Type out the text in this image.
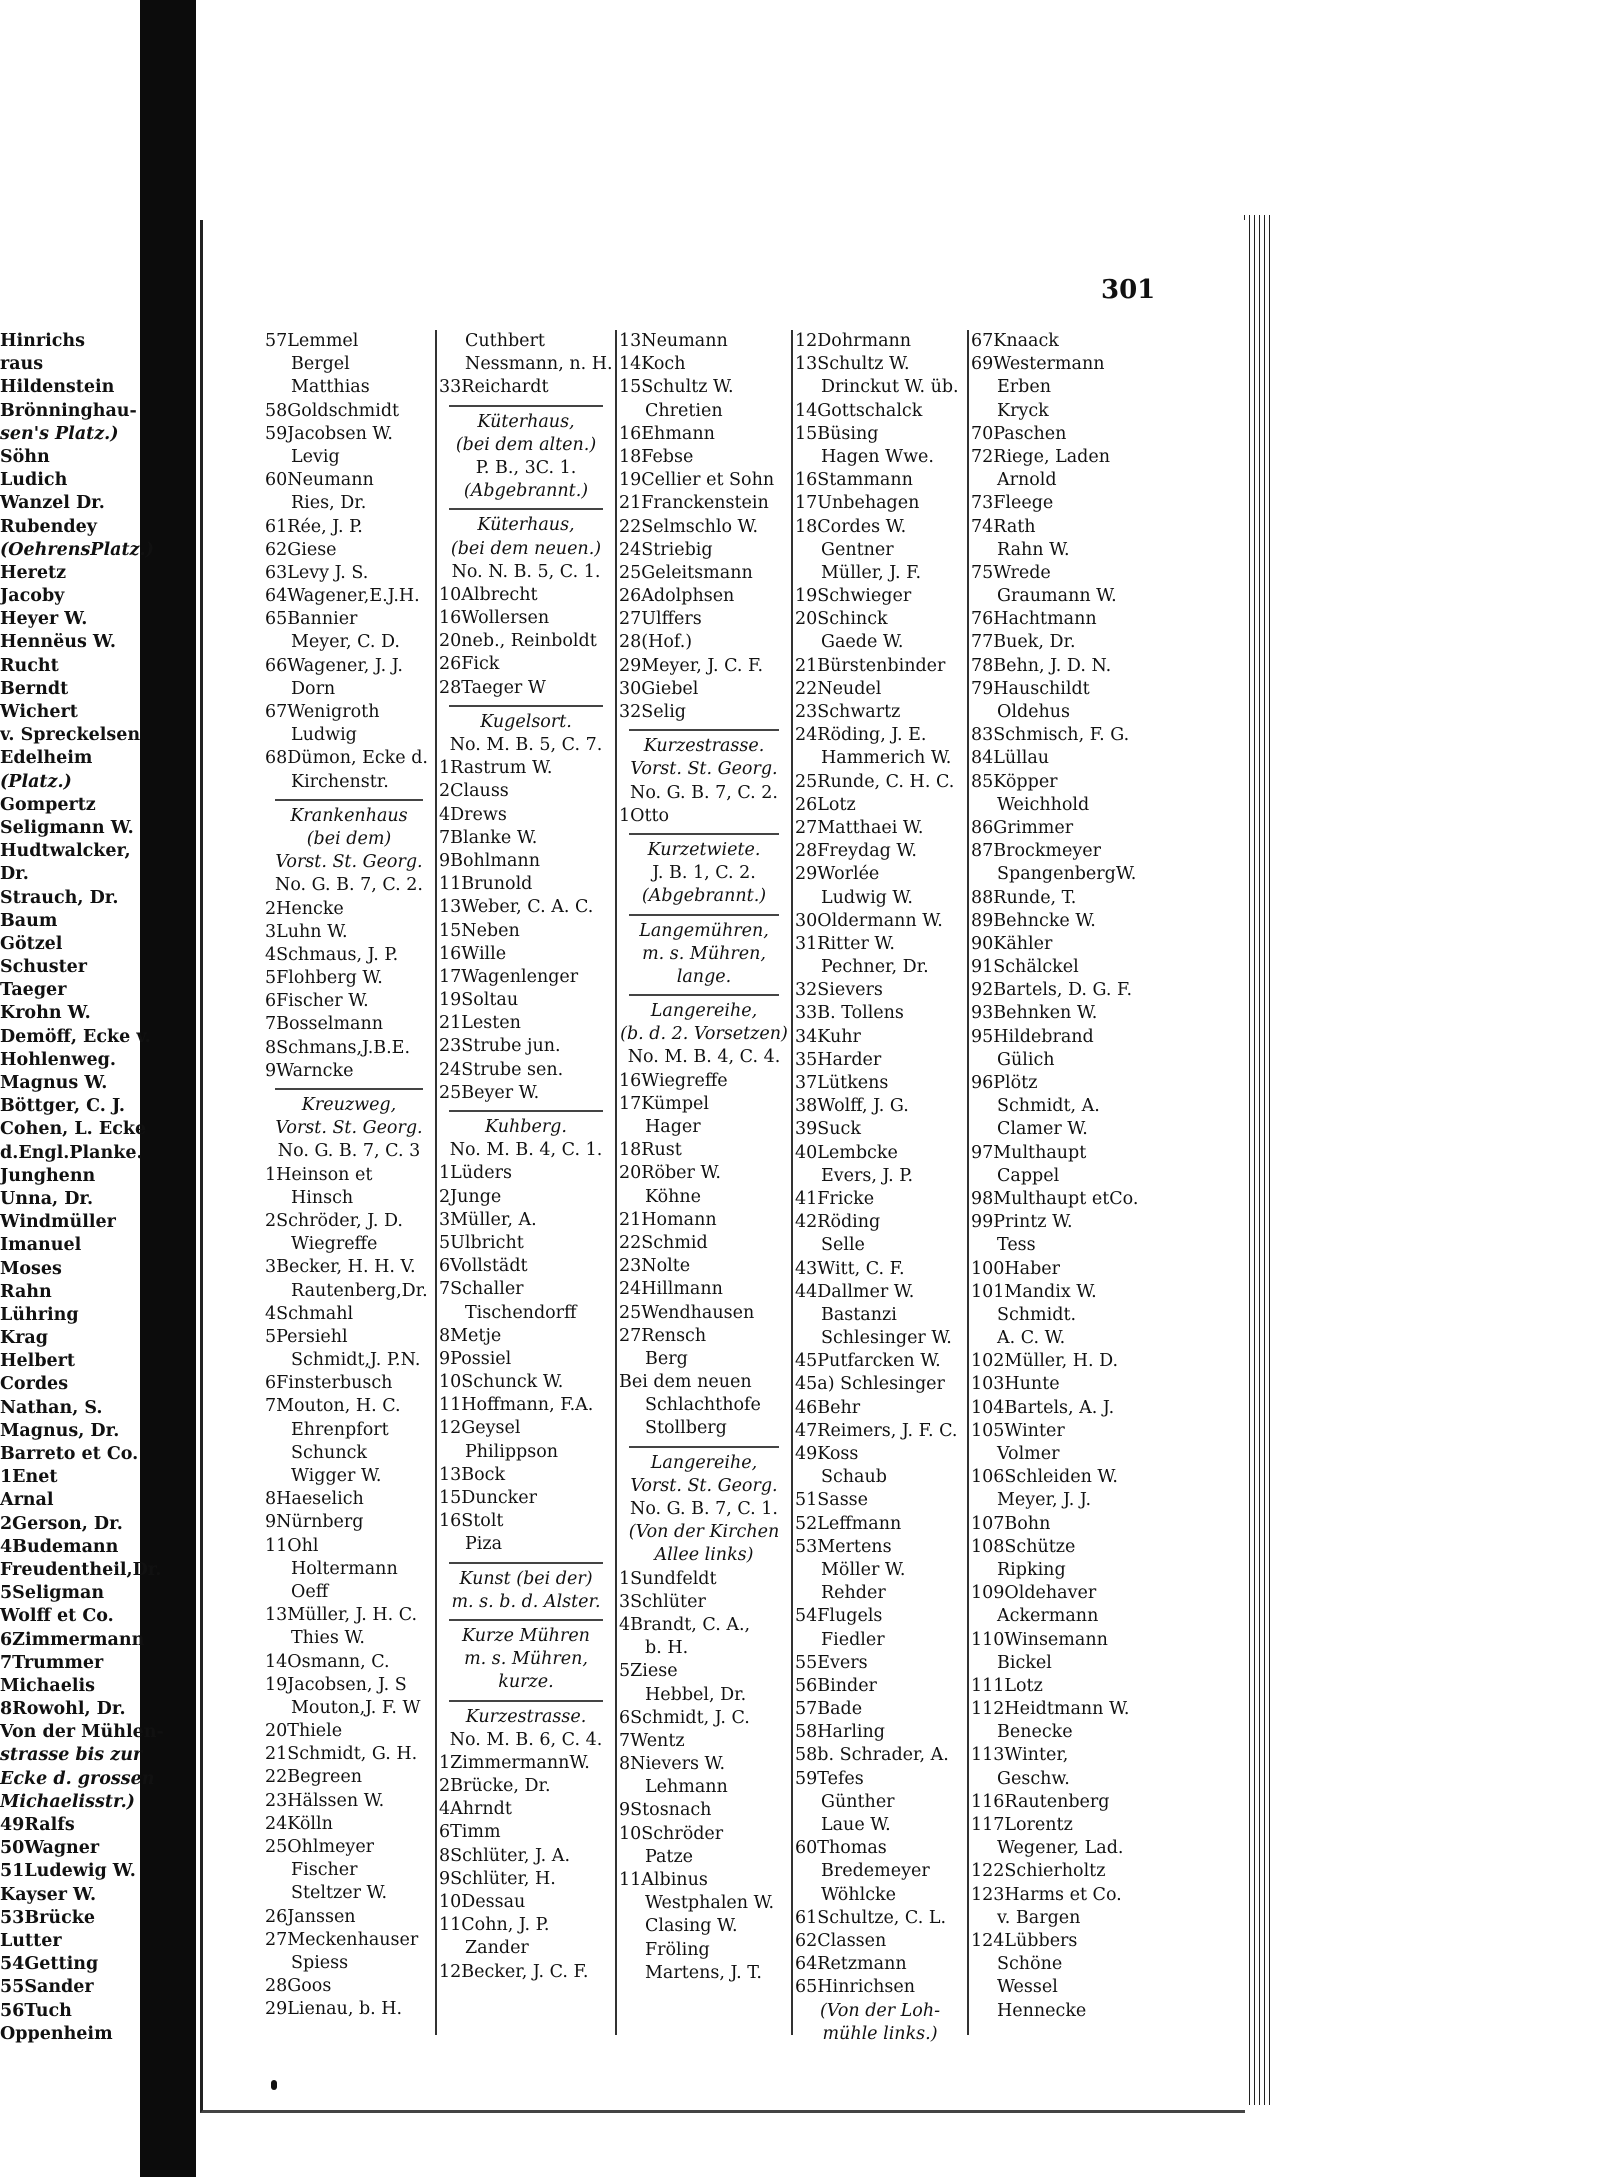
Hinrichs
raus
Hildenstein
Brönninghau-
sen's Platz.)
Söhn
Ludich
Wanzel Dr.
Rubendey
(OehrensPlatz.)
Heretz
Jacoby
Heyer W.
Hennëus W.
Rucht
Berndt
Wichert
v. Spreckelsen
Edelheim
(Platz.)
Gompertz
Seligmann W.
Hudtwalcker,
Dr.
Strauch, Dr.
Baum
Götzel
Schuster
Taeger
Krohn W.
Demöff, Ecke v.
Hohlenweg.
Magnus W.
Böttger, C. J.
Cohen, L. Ecke
d.Engl.Planke.
Junghenn
Unna, Dr.
Windmüller
Imanuel
Moses
Rahn
Lühring
Krag
Helbert
Cordes
Nathan, S.
Magnus, Dr.
Barreto et Co.
1Enet
Arnal
2Gerson, Dr.
4Budemann
Freudentheil,Dr.
5Seligman
Wolff et Co.
6Zimmermann
7Trummer
Michaelis
8Rowohl, Dr.
Von der Mühlen-
strasse bis zur
Ecke d. grossen
Michaelisstr.)
49Ralfs
50Wagner
51Ludewig W.
Kayser W.
53Brücke
Lutter
54Getting
55Sander
56Tuch
Oppenheim
301
57Lemmel
Bergel
Matthias
58Goldschmidt
59Jacobsen W.
Levig
60Neumann
Ries, Dr.
61Rée, J. P.
62Giese
63Levy J. S.
64Wagener,E.J.H.
65Bannier
Meyer, C. D.
66Wagener, J. J.
Dorn
67Wenigroth
Ludwig
68Dümon, Ecke d.
Kirchenstr.
Krankenhaus
(bei dem)
Vorst. St. Georg.
No. G. B. 7, C. 2.
2Hencke
3Luhn W.
4Schmaus, J. P.
5Flohberg W.
6Fischer W.
7Bosselmann
8Schmans,J.B.E.
9Warncke
Kreuzweg,
Vorst. St. Georg.
No. G. B. 7, C. 3
1Heinson et
Hinsch
2Schröder, J. D.
Wiegreffe
3Becker, H. H. V.
Rautenberg,Dr.
4Schmahl
5Persiehl
Schmidt,J. P.N.
6Finsterbusch
7Mouton, H. C.
Ehrenpfort
Schunck
Wigger W.
8Haeselich
9Nürnberg
11Ohl
Holtermann
Oeff
13Müller, J. H. C.
Thies W.
14Osmann, C.
19Jacobsen, J. S
Mouton,J. F. W
20Thiele
21Schmidt, G. H.
22Begreen
23Hälssen W.
24Kölln
25Ohlmeyer
Fischer
Steltzer W.
26Janssen
27Meckenhauser
Spiess
28Goos
29Lienau, b. H.
Cuthbert
Nessmann, n. H.
33Reichardt
Küterhaus,
(bei dem alten.)
P. B., 3C. 1.
(Abgebrannt.)
Küterhaus,
(bei dem neuen.)
No. N. B. 5, C. 1.
10Albrecht
16Wollersen
20neb., Reinboldt
26Fick
28Taeger W
Kugelsort.
No. M. B. 5, C. 7.
1Rastrum W.
2Clauss
4Drews
7Blanke W.
9Bohlmann
11Brunold
13Weber, C. A. C.
15Neben
16Wille
17Wagenlenger
19Soltau
21Lesten
23Strube jun.
24Strube sen.
25Beyer W.
Kuhberg.
No. M. B. 4, C. 1.
1Lüders
2Junge
3Müller, A.
5Ulbricht
6Vollstädt
7Schaller
Tischendorff
8Metje
9Possiel
10Schunck W.
11Hoffmann, F.A.
12Geysel
Philippson
13Bock
15Duncker
16Stolt
Piza
Kunst (bei der)
m. s. b. d. Alster.
Kurze Mühren
m. s. Mühren,
kurze.
Kurzestrasse.
No. M. B. 6, C. 4.
1ZimmermannW.
2Brücke, Dr.
4Ahrndt
6Timm
8Schlüter, J. A.
9Schlüter, H.
10Dessau
11Cohn, J. P.
Zander
12Becker, J. C. F.
13Neumann
14Koch
15Schultz W.
Chretien
16Ehmann
18Febse
19Cellier et Sohn
21Franckenstein
22Selmschlo W.
24Striebig
25Geleitsmann
26Adolphsen
27Ulffers
28(Hof.)
29Meyer, J. C. F.
30Giebel
32Selig
Kurzestrasse.
Vorst. St. Georg.
No. G. B. 7, C. 2.
1Otto
Kurzetwiete.
J. B. 1, C. 2.
(Abgebrannt.)
Langemühren,
m. s. Mühren,
lange.
Langereihe,
(b. d. 2. Vorsetzen)
No. M. B. 4, C. 4.
16Wiegreffe
17Kümpel
Hager
18Rust
20Röber W.
Köhne
21Homann
22Schmid
23Nolte
24Hillmann
25Wendhausen
27Rensch
Berg
Bei dem neuen
Schlachthofe
Stollberg
Langereihe,
Vorst. St. Georg.
No. G. B. 7, C. 1.
(Von der Kirchen
Allee links)
1Sundfeldt
3Schlüter
4Brandt, C. A.,
b. H.
5Ziese
Hebbel, Dr.
6Schmidt, J. C.
7Wentz
8Nievers W.
Lehmann
9Stosnach
10Schröder
Patze
11Albinus
Westphalen W.
Clasing W.
Fröling
Martens, J. T.
12Dohrmann
13Schultz W.
Drinckut W. üb.
14Gottschalck
15Büsing
Hagen Wwe.
16Stammann
17Unbehagen
18Cordes W.
Gentner
Müller, J. F.
19Schwieger
20Schinck
Gaede W.
21Bürstenbinder
22Neudel
23Schwartz
24Röding, J. E.
Hammerich W.
25Runde, C. H. C.
26Lotz
27Matthaei W.
28Freydag W.
29Worlée
Ludwig W.
30Oldermann W.
31Ritter W.
Pechner, Dr.
32Sievers
33B. Tollens
34Kuhr
35Harder
37Lütkens
38Wolff, J. G.
39Suck
40Lembcke
Evers, J. P.
41Fricke
42Röding
Selle
43Witt, C. F.
44Dallmer W.
Bastanzi
Schlesinger W.
45Putfarcken W.
45a) Schlesinger
46Behr
47Reimers, J. F. C.
49Koss
Schaub
51Sasse
52Leffmann
53Mertens
Möller W.
Rehder
54Flugels
Fiedler
55Evers
56Binder
57Bade
58Harling
58b. Schrader, A.
59Tefes
Günther
Laue W.
60Thomas
Bredemeyer
Wöhlcke
61Schultze, C. L.
62Classen
64Retzmann
65Hinrichsen
(Von der Loh-
mühle links.)
67Knaack
69Westermann
Erben
Kryck
70Paschen
72Riege, Laden
Arnold
73Fleege
74Rath
Rahn W.
75Wrede
Graumann W.
76Hachtmann
77Buek, Dr.
78Behn, J. D. N.
79Hauschildt
Oldehus
83Schmisch, F. G.
84Lüllau
85Köpper
Weichhold
86Grimmer
87Brockmeyer
SpangenbergW.
88Runde, T.
89Behncke W.
90Kähler
91Schälckel
92Bartels, D. G. F.
93Behnken W.
95Hildebrand
Gülich
96Plötz
Schmidt, A.
Clamer W.
97Multhaupt
Cappel
98Multhaupt etCo.
99Printz W.
Tess
100Haber
101Mandix W.
Schmidt.
A. C. W.
102Müller, H. D.
103Hunte
104Bartels, A. J.
105Winter
Volmer
106Schleiden W.
Meyer, J. J.
107Bohn
108Schütze
Ripking
109Oldehaver
Ackermann
110Winsemann
Bickel
111Lotz
112Heidtmann W.
Benecke
113Winter,
Geschw.
116Rautenberg
117Lorentz
Wegener, Lad.
122Schierholtz
123Harms et Co.
v. Bargen
124Lübbers
Schöne
Wessel
Hennecke
